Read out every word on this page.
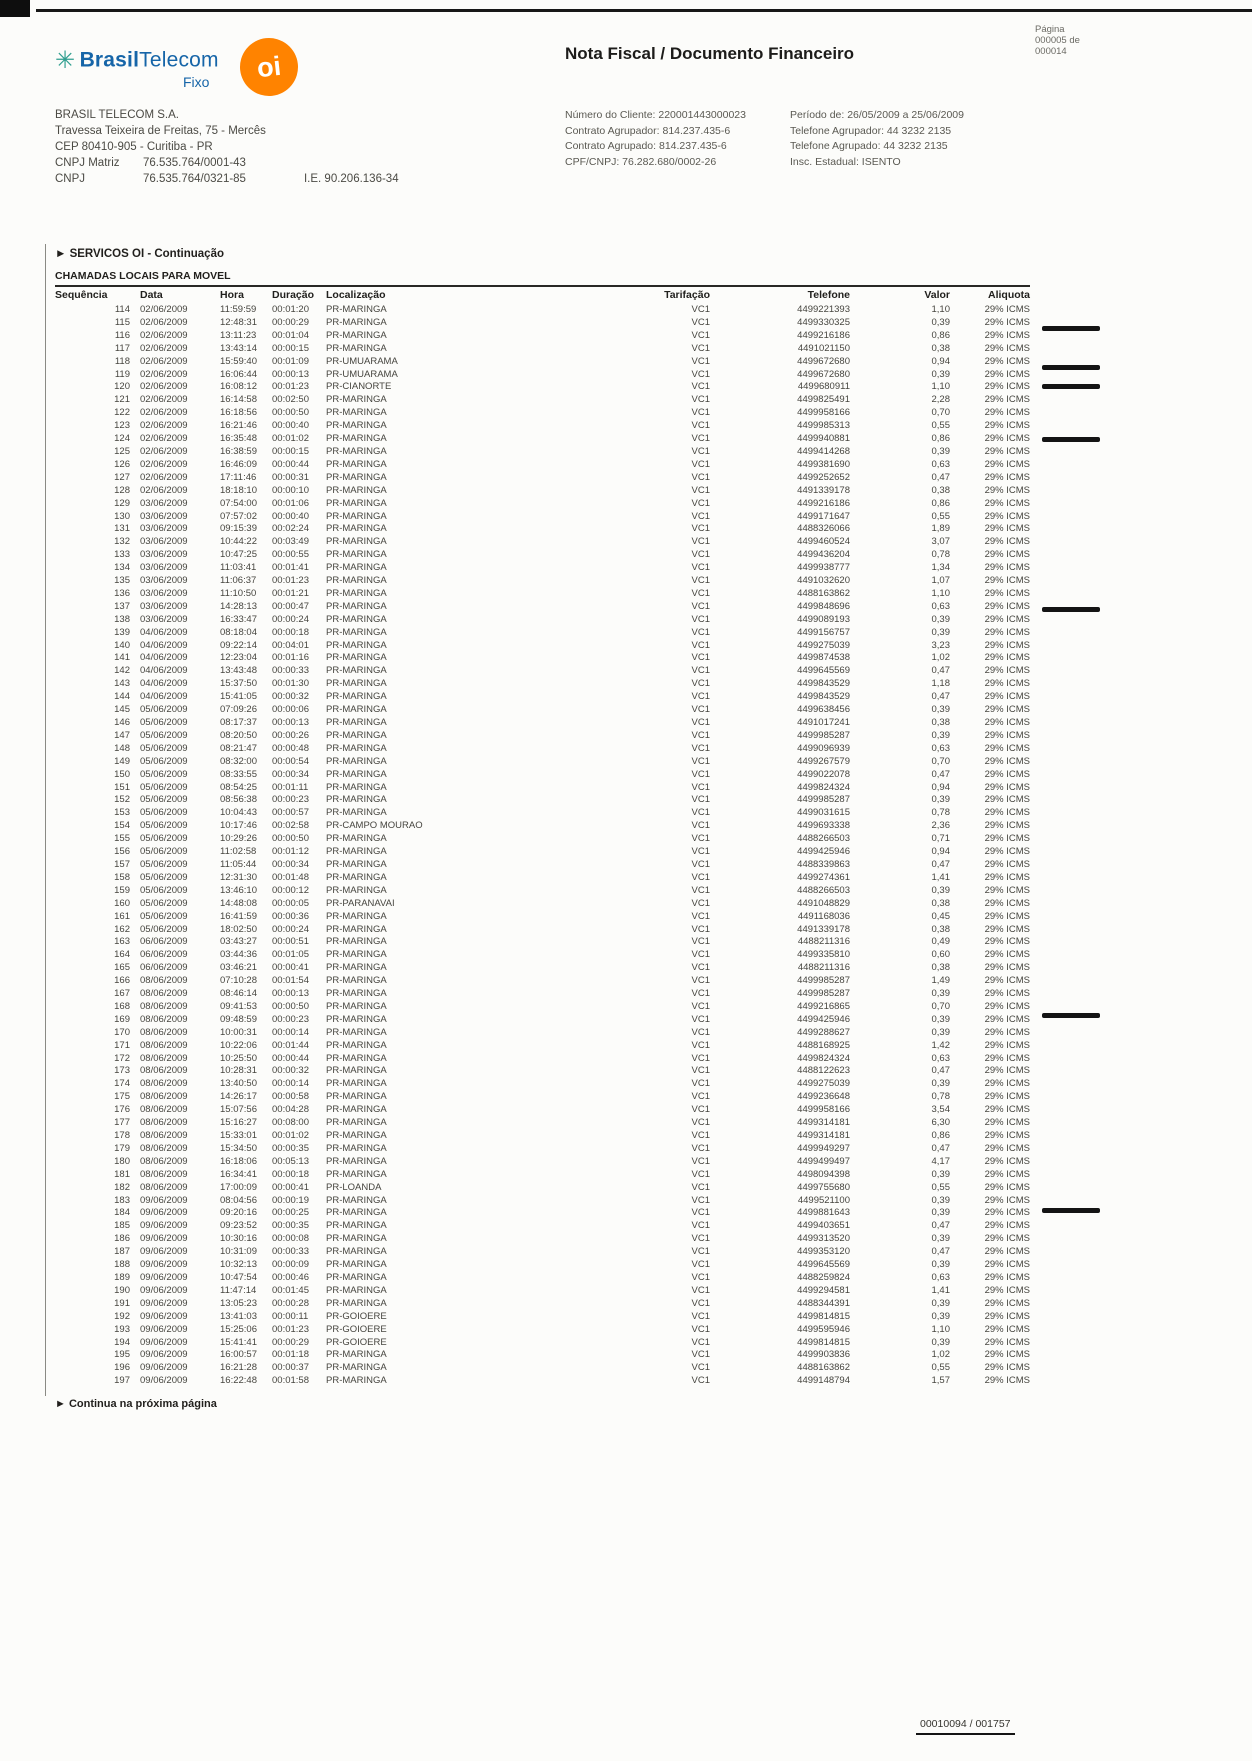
Página
000005 de
000014
✳ BrasilTelecom
Fixo oi	Nota Fiscal / Documento Financeiro
BRASIL TELECOM S.A.
Travessa Teixeira de Freitas, 75 - Mercês
CEP 80410-905 - Curitiba - PR
CNPJ Matriz	76.535.764/0001-43
CNPJ	76.535.764/0321-85	I.E. 90.206.136-34
Número do Cliente: 220001443000023
Contrato Agrupador: 814.237.435-6
Contrato Agrupado: 814.237.435-6
CPF/CNPJ: 76.282.680/0002-26
Período de: 26/05/2009 a 25/06/2009
Telefone Agrupador: 44 3232 2135
Telefone Agrupado: 44 3232 2135
Insc. Estadual: ISENTO
► SERVICOS OI - Continuação
CHAMADAS LOCAIS PARA MOVEL
Sequência	Data	Hora	Duração	Localização	Tarifação	Telefone	Valor	Aliquota
114	02/06/2009	11:59:59	00:01:20	PR-MARINGA	VC1	4499221393	1,10	29% ICMS
115	02/06/2009	12:48:31	00:00:29	PR-MARINGA	VC1	4499330325	0,39	29% ICMS
116	02/06/2009	13:11:23	00:01:04	PR-MARINGA	VC1	4499216186	0,86	29% ICMS
117	02/06/2009	13:43:14	00:00:15	PR-MARINGA	VC1	4491021150	0,38	29% ICMS
118	02/06/2009	15:59:40	00:01:09	PR-UMUARAMA	VC1	4499672680	0,94	29% ICMS
119	02/06/2009	16:06:44	00:00:13	PR-UMUARAMA	VC1	4499672680	0,39	29% ICMS
120	02/06/2009	16:08:12	00:01:23	PR-CIANORTE	VC1	4499680911	1,10	29% ICMS
121	02/06/2009	16:14:58	00:02:50	PR-MARINGA	VC1	4499825491	2,28	29% ICMS
122	02/06/2009	16:18:56	00:00:50	PR-MARINGA	VC1	4499958166	0,70	29% ICMS
123	02/06/2009	16:21:46	00:00:40	PR-MARINGA	VC1	4499985313	0,55	29% ICMS
124	02/06/2009	16:35:48	00:01:02	PR-MARINGA	VC1	4499940881	0,86	29% ICMS
125	02/06/2009	16:38:59	00:00:15	PR-MARINGA	VC1	4499414268	0,39	29% ICMS
126	02/06/2009	16:46:09	00:00:44	PR-MARINGA	VC1	4499381690	0,63	29% ICMS
127	02/06/2009	17:11:46	00:00:31	PR-MARINGA	VC1	4499252652	0,47	29% ICMS
128	02/06/2009	18:18:10	00:00:10	PR-MARINGA	VC1	4491339178	0,38	29% ICMS
129	03/06/2009	07:54:00	00:01:06	PR-MARINGA	VC1	4499216186	0,86	29% ICMS
130	03/06/2009	07:57:02	00:00:40	PR-MARINGA	VC1	4499171647	0,55	29% ICMS
131	03/06/2009	09:15:39	00:02:24	PR-MARINGA	VC1	4488326066	1,89	29% ICMS
132	03/06/2009	10:44:22	00:03:49	PR-MARINGA	VC1	4499460524	3,07	29% ICMS
133	03/06/2009	10:47:25	00:00:55	PR-MARINGA	VC1	4499436204	0,78	29% ICMS
134	03/06/2009	11:03:41	00:01:41	PR-MARINGA	VC1	4499938777	1,34	29% ICMS
135	03/06/2009	11:06:37	00:01:23	PR-MARINGA	VC1	4491032620	1,07	29% ICMS
136	03/06/2009	11:10:50	00:01:21	PR-MARINGA	VC1	4488163862	1,10	29% ICMS
137	03/06/2009	14:28:13	00:00:47	PR-MARINGA	VC1	4499848696	0,63	29% ICMS
138	03/06/2009	16:33:47	00:00:24	PR-MARINGA	VC1	4499089193	0,39	29% ICMS
139	04/06/2009	08:18:04	00:00:18	PR-MARINGA	VC1	4499156757	0,39	29% ICMS
140	04/06/2009	09:22:14	00:04:01	PR-MARINGA	VC1	4499275039	3,23	29% ICMS
141	04/06/2009	12:23:04	00:01:16	PR-MARINGA	VC1	4499874538	1,02	29% ICMS
142	04/06/2009	13:43:48	00:00:33	PR-MARINGA	VC1	4499645569	0,47	29% ICMS
143	04/06/2009	15:37:50	00:01:30	PR-MARINGA	VC1	4499843529	1,18	29% ICMS
144	04/06/2009	15:41:05	00:00:32	PR-MARINGA	VC1	4499843529	0,47	29% ICMS
145	05/06/2009	07:09:26	00:00:06	PR-MARINGA	VC1	4499638456	0,39	29% ICMS
146	05/06/2009	08:17:37	00:00:13	PR-MARINGA	VC1	4491017241	0,38	29% ICMS
147	05/06/2009	08:20:50	00:00:26	PR-MARINGA	VC1	4499985287	0,39	29% ICMS
148	05/06/2009	08:21:47	00:00:48	PR-MARINGA	VC1	4499096939	0,63	29% ICMS
149	05/06/2009	08:32:00	00:00:54	PR-MARINGA	VC1	4499267579	0,70	29% ICMS
150	05/06/2009	08:33:55	00:00:34	PR-MARINGA	VC1	4499022078	0,47	29% ICMS
151	05/06/2009	08:54:25	00:01:11	PR-MARINGA	VC1	4499824324	0,94	29% ICMS
152	05/06/2009	08:56:38	00:00:23	PR-MARINGA	VC1	4499985287	0,39	29% ICMS
153	05/06/2009	10:04:43	00:00:57	PR-MARINGA	VC1	4499031615	0,78	29% ICMS
154	05/06/2009	10:17:46	00:02:58	PR-CAMPO MOURAO	VC1	4499693338	2,36	29% ICMS
155	05/06/2009	10:29:26	00:00:50	PR-MARINGA	VC1	4488266503	0,71	29% ICMS
156	05/06/2009	11:02:58	00:01:12	PR-MARINGA	VC1	4499425946	0,94	29% ICMS
157	05/06/2009	11:05:44	00:00:34	PR-MARINGA	VC1	4488339863	0,47	29% ICMS
158	05/06/2009	12:31:30	00:01:48	PR-MARINGA	VC1	4499274361	1,41	29% ICMS
159	05/06/2009	13:46:10	00:00:12	PR-MARINGA	VC1	4488266503	0,39	29% ICMS
160	05/06/2009	14:48:08	00:00:05	PR-PARANAVAI	VC1	4491048829	0,38	29% ICMS
161	05/06/2009	16:41:59	00:00:36	PR-MARINGA	VC1	4491168036	0,45	29% ICMS
162	05/06/2009	18:02:50	00:00:24	PR-MARINGA	VC1	4491339178	0,38	29% ICMS
163	06/06/2009	03:43:27	00:00:51	PR-MARINGA	VC1	4488211316	0,49	29% ICMS
164	06/06/2009	03:44:36	00:01:05	PR-MARINGA	VC1	4499335810	0,60	29% ICMS
165	06/06/2009	03:46:21	00:00:41	PR-MARINGA	VC1	4488211316	0,38	29% ICMS
166	08/06/2009	07:10:28	00:01:54	PR-MARINGA	VC1	4499985287	1,49	29% ICMS
167	08/06/2009	08:46:14	00:00:13	PR-MARINGA	VC1	4499985287	0,39	29% ICMS
168	08/06/2009	09:41:53	00:00:50	PR-MARINGA	VC1	4499216865	0,70	29% ICMS
169	08/06/2009	09:48:59	00:00:23	PR-MARINGA	VC1	4499425946	0,39	29% ICMS
170	08/06/2009	10:00:31	00:00:14	PR-MARINGA	VC1	4499288627	0,39	29% ICMS
171	08/06/2009	10:22:06	00:01:44	PR-MARINGA	VC1	4488168925	1,42	29% ICMS
172	08/06/2009	10:25:50	00:00:44	PR-MARINGA	VC1	4499824324	0,63	29% ICMS
173	08/06/2009	10:28:31	00:00:32	PR-MARINGA	VC1	4488122623	0,47	29% ICMS
174	08/06/2009	13:40:50	00:00:14	PR-MARINGA	VC1	4499275039	0,39	29% ICMS
175	08/06/2009	14:26:17	00:00:58	PR-MARINGA	VC1	4499236648	0,78	29% ICMS
176	08/06/2009	15:07:56	00:04:28	PR-MARINGA	VC1	4499958166	3,54	29% ICMS
177	08/06/2009	15:16:27	00:08:00	PR-MARINGA	VC1	4499314181	6,30	29% ICMS
178	08/06/2009	15:33:01	00:01:02	PR-MARINGA	VC1	4499314181	0,86	29% ICMS
179	08/06/2009	15:34:50	00:00:35	PR-MARINGA	VC1	4499949297	0,47	29% ICMS
180	08/06/2009	16:18:06	00:05:13	PR-MARINGA	VC1	4499499497	4,17	29% ICMS
181	08/06/2009	16:34:41	00:00:18	PR-MARINGA	VC1	4498094398	0,39	29% ICMS
182	08/06/2009	17:00:09	00:00:41	PR-LOANDA	VC1	4499755680	0,55	29% ICMS
183	09/06/2009	08:04:56	00:00:19	PR-MARINGA	VC1	4499521100	0,39	29% ICMS
184	09/06/2009	09:20:16	00:00:25	PR-MARINGA	VC1	4499881643	0,39	29% ICMS
185	09/06/2009	09:23:52	00:00:35	PR-MARINGA	VC1	4499403651	0,47	29% ICMS
186	09/06/2009	10:30:16	00:00:08	PR-MARINGA	VC1	4499313520	0,39	29% ICMS
187	09/06/2009	10:31:09	00:00:33	PR-MARINGA	VC1	4499353120	0,47	29% ICMS
188	09/06/2009	10:32:13	00:00:09	PR-MARINGA	VC1	4499645569	0,39	29% ICMS
189	09/06/2009	10:47:54	00:00:46	PR-MARINGA	VC1	4488259824	0,63	29% ICMS
190	09/06/2009	11:47:14	00:01:45	PR-MARINGA	VC1	4499294581	1,41	29% ICMS
191	09/06/2009	13:05:23	00:00:28	PR-MARINGA	VC1	4488344391	0,39	29% ICMS
192	09/06/2009	13:41:03	00:00:11	PR-GOIOERE	VC1	4499814815	0,39	29% ICMS
193	09/06/2009	15:25:06	00:01:23	PR-GOIOERE	VC1	4499595946	1,10	29% ICMS
194	09/06/2009	15:41:41	00:00:29	PR-GOIOERE	VC1	4499814815	0,39	29% ICMS
195	09/06/2009	16:00:57	00:01:18	PR-MARINGA	VC1	4499903836	1,02	29% ICMS
196	09/06/2009	16:21:28	00:00:37	PR-MARINGA	VC1	4488163862	0,55	29% ICMS
197	09/06/2009	16:22:48	00:01:58	PR-MARINGA	VC1	4499148794	1,57	29% ICMS
► Continua na próxima página
00010094 / 001757
